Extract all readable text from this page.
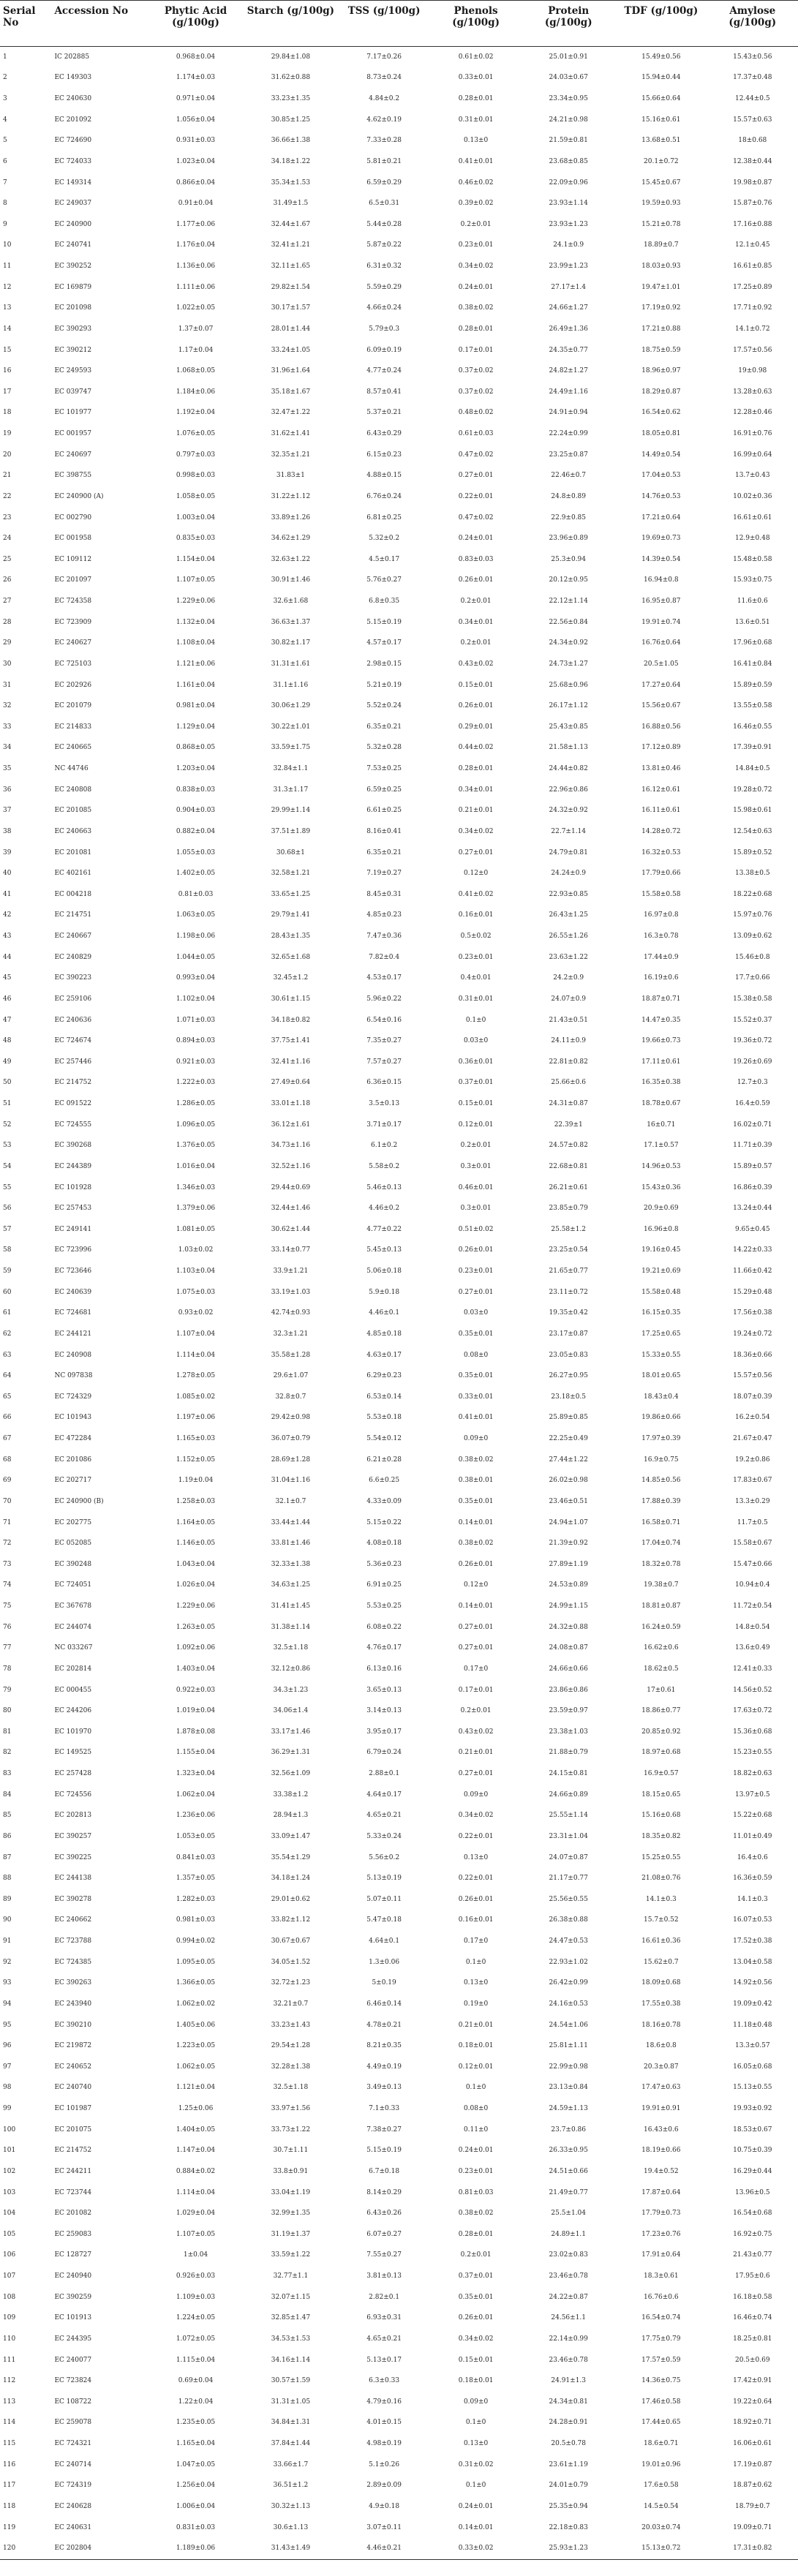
Serial No	Accession No	Phytic Acid (g/100g)	Starch (g/100g)	TSS (g/100g)	Phenols (g/100g)	Protein (g/100g)	TDF (g/100g)	Amylose (g/100g)
1	IC 202885	0.968±0.04	29.84±1.08	7.17±0.26	0.61±0.02	25.01±0.91	15.49±0.56	15.43±0.56
2	EC 149303	1.174±0.03	31.62±0.88	8.73±0.24	0.33±0.01	24.03±0.67	15.94±0.44	17.37±0.48
3	EC 240630	0.971±0.04	33.23±1.35	4.84±0.2	0.28±0.01	23.34±0.95	15.66±0.64	12.44±0.5
4	EC 201092	1.056±0.04	30.85±1.25	4.62±0.19	0.31±0.01	24.21±0.98	15.16±0.61	15.57±0.63
5	EC 724690	0.931±0.03	36.66±1.38	7.33±0.28	0.13±0	21.59±0.81	13.68±0.51	18±0.68
6	EC 724033	1.023±0.04	34.18±1.22	5.81±0.21	0.41±0.01	23.68±0.85	20.1±0.72	12.38±0.44
7	EC 149314	0.866±0.04	35.34±1.53	6.59±0.29	0.46±0.02	22.09±0.96	15.45±0.67	19.98±0.87
8	EC 249037	0.91±0.04	31.49±1.5	6.5±0.31	0.39±0.02	23.93±1.14	19.59±0.93	15.87±0.76
9	EC 240900	1.177±0.06	32.44±1.67	5.44±0.28	0.2±0.01	23.93±1.23	15.21±0.78	17.16±0.88
10	EC 240741	1.176±0.04	32.41±1.21	5.87±0.22	0.23±0.01	24.1±0.9	18.89±0.7	12.1±0.45
11	EC 390252	1.136±0.06	32.11±1.65	6.31±0.32	0.34±0.02	23.99±1.23	18.03±0.93	16.61±0.85
12	EC 169879	1.111±0.06	29.82±1.54	5.59±0.29	0.24±0.01	27.17±1.4	19.47±1.01	17.25±0.89
13	EC 201098	1.022±0.05	30.17±1.57	4.66±0.24	0.38±0.02	24.66±1.27	17.19±0.92	17.71±0.92
14	EC 390293	1.37±0.07	28.01±1.44	5.79±0.3	0.28±0.01	26.49±1.36	17.21±0.88	14.1±0.72
15	EC 390212	1.17±0.04	33.24±1.05	6.09±0.19	0.17±0.01	24.35±0.77	18.75±0.59	17.57±0.56
16	EC 249593	1.068±0.05	31.96±1.64	4.77±0.24	0.37±0.02	24.82±1.27	18.96±0.97	19±0.98
17	EC 039747	1.184±0.06	35.18±1.67	8.57±0.41	0.37±0.02	24.49±1.16	18.29±0.87	13.28±0.63
18	EC 101977	1.192±0.04	32.47±1.22	5.37±0.21	0.48±0.02	24.91±0.94	16.54±0.62	12.28±0.46
19	EC 001957	1.076±0.05	31.62±1.41	6.43±0.29	0.61±0.03	22.24±0.99	18.05±0.81	16.91±0.76
20	EC 240697	0.797±0.03	32.35±1.21	6.15±0.23	0.47±0.02	23.25±0.87	14.49±0.54	16.99±0.64
21	EC 398755	0.998±0.03	31.83±1	4.88±0.15	0.27±0.01	22.46±0.7	17.04±0.53	13.7±0.43
22	EC 240900 (A)	1.058±0.05	31.22±1.12	6.76±0.24	0.22±0.01	24.8±0.89	14.76±0.53	10.02±0.36
23	EC 002790	1.003±0.04	33.89±1.26	6.81±0.25	0.47±0.02	22.9±0.85	17.21±0.64	16.61±0.61
24	EC 001958	0.835±0.03	34.62±1.29	5.32±0.2	0.24±0.01	23.96±0.89	19.69±0.73	12.9±0.48
25	EC 109112	1.154±0.04	32.63±1.22	4.5±0.17	0.83±0.03	25.3±0.94	14.39±0.54	15.48±0.58
26	EC 201097	1.107±0.05	30.91±1.46	5.76±0.27	0.26±0.01	20.12±0.95	16.94±0.8	15.93±0.75
27	EC 724358	1.229±0.06	32.6±1.68	6.8±0.35	0.2±0.01	22.12±1.14	16.95±0.87	11.6±0.6
28	EC 723909	1.132±0.04	36.63±1.37	5.15±0.19	0.34±0.01	22.56±0.84	19.91±0.74	13.6±0.51
29	EC 240627	1.108±0.04	30.82±1.17	4.57±0.17	0.2±0.01	24.34±0.92	16.76±0.64	17.96±0.68
30	EC 725103	1.121±0.06	31.31±1.61	2.98±0.15	0.43±0.02	24.73±1.27	20.5±1.05	16.41±0.84
31	EC 202926	1.161±0.04	31.1±1.16	5.21±0.19	0.15±0.01	25.68±0.96	17.27±0.64	15.89±0.59
32	EC 201079	0.981±0.04	30.06±1.29	5.52±0.24	0.26±0.01	26.17±1.12	15.56±0.67	13.55±0.58
33	EC 214833	1.129±0.04	30.22±1.01	6.35±0.21	0.29±0.01	25.43±0.85	16.88±0.56	16.46±0.55
34	EC 240665	0.868±0.05	33.59±1.75	5.32±0.28	0.44±0.02	21.58±1.13	17.12±0.89	17.39±0.91
35	NC 44746	1.203±0.04	32.84±1.1	7.53±0.25	0.28±0.01	24.44±0.82	13.81±0.46	14.84±0.5
36	EC 240808	0.838±0.03	31.3±1.17	6.59±0.25	0.34±0.01	22.96±0.86	16.12±0.61	19.28±0.72
37	EC 201085	0.904±0.03	29.99±1.14	6.61±0.25	0.21±0.01	24.32±0.92	16.11±0.61	15.98±0.61
38	EC 240663	0.882±0.04	37.51±1.89	8.16±0.41	0.34±0.02	22.7±1.14	14.28±0.72	12.54±0.63
39	EC 201081	1.055±0.03	30.68±1	6.35±0.21	0.27±0.01	24.79±0.81	16.32±0.53	15.89±0.52
40	EC 402161	1.402±0.05	32.58±1.21	7.19±0.27	0.12±0	24.24±0.9	17.79±0.66	13.38±0.5
41	EC 004218	0.81±0.03	33.65±1.25	8.45±0.31	0.41±0.02	22.93±0.85	15.58±0.58	18.22±0.68
42	EC 214751	1.063±0.05	29.79±1.41	4.85±0.23	0.16±0.01	26.43±1.25	16.97±0.8	15.97±0.76
43	EC 240667	1.198±0.06	28.43±1.35	7.47±0.36	0.5±0.02	26.55±1.26	16.3±0.78	13.09±0.62
44	EC 240829	1.044±0.05	32.65±1.68	7.82±0.4	0.23±0.01	23.63±1.22	17.44±0.9	15.46±0.8
45	EC 390223	0.993±0.04	32.45±1.2	4.53±0.17	0.4±0.01	24.2±0.9	16.19±0.6	17.7±0.66
46	EC 259106	1.102±0.04	30.61±1.15	5.96±0.22	0.31±0.01	24.07±0.9	18.87±0.71	15.38±0.58
47	EC 240636	1.071±0.03	34.18±0.82	6.54±0.16	0.1±0	21.43±0.51	14.47±0.35	15.52±0.37
48	EC 724674	0.894±0.03	37.75±1.41	7.35±0.27	0.03±0	24.11±0.9	19.66±0.73	19.36±0.72
49	EC 257446	0.921±0.03	32.41±1.16	7.57±0.27	0.36±0.01	22.81±0.82	17.11±0.61	19.26±0.69
50	EC 214752	1.222±0.03	27.49±0.64	6.36±0.15	0.37±0.01	25.66±0.6	16.35±0.38	12.7±0.3
51	EC 091522	1.286±0.05	33.01±1.18	3.5±0.13	0.15±0.01	24.31±0.87	18.78±0.67	16.4±0.59
52	EC 724555	1.096±0.05	36.12±1.61	3.71±0.17	0.12±0.01	22.39±1	16±0.71	16.02±0.71
53	EC 390268	1.376±0.05	34.73±1.16	6.1±0.2	0.2±0.01	24.57±0.82	17.1±0.57	11.71±0.39
54	EC 244389	1.016±0.04	32.52±1.16	5.58±0.2	0.3±0.01	22.68±0.81	14.96±0.53	15.89±0.57
55	EC 101928	1.346±0.03	29.44±0.69	5.46±0.13	0.46±0.01	26.21±0.61	15.43±0.36	16.86±0.39
56	EC 257453	1.379±0.06	32.44±1.46	4.46±0.2	0.3±0.01	23.85±0.79	20.9±0.69	13.24±0.44
57	EC 249141	1.081±0.05	30.62±1.44	4.77±0.22	0.51±0.02	25.58±1.2	16.96±0.8	9.65±0.45
58	EC 723996	1.03±0.02	33.14±0.77	5.45±0.13	0.26±0.01	23.25±0.54	19.16±0.45	14.22±0.33
59	EC 723646	1.103±0.04	33.9±1.21	5.06±0.18	0.23±0.01	21.65±0.77	19.21±0.69	11.66±0.42
60	EC 240639	1.075±0.03	33.19±1.03	5.9±0.18	0.27±0.01	23.11±0.72	15.58±0.48	15.29±0.48
61	EC 724681	0.93±0.02	42.74±0.93	4.46±0.1	0.03±0	19.35±0.42	16.15±0.35	17.56±0.38
62	EC 244121	1.107±0.04	32.3±1.21	4.85±0.18	0.35±0.01	23.17±0.87	17.25±0.65	19.24±0.72
63	EC 240908	1.114±0.04	35.58±1.28	4.63±0.17	0.08±0	23.05±0.83	15.33±0.55	18.36±0.66
64	NC 097838	1.278±0.05	29.6±1.07	6.29±0.23	0.35±0.01	26.27±0.95	18.01±0.65	15.57±0.56
65	EC 724329	1.085±0.02	32.8±0.7	6.53±0.14	0.33±0.01	23.18±0.5	18.43±0.4	18.07±0.39
66	EC 101943	1.197±0.06	29.42±0.98	5.53±0.18	0.41±0.01	25.89±0.85	19.86±0.66	16.2±0.54
67	EC 472284	1.165±0.03	36.07±0.79	5.54±0.12	0.09±0	22.25±0.49	17.97±0.39	21.67±0.47
68	EC 201086	1.152±0.05	28.69±1.28	6.21±0.28	0.38±0.02	27.44±1.22	16.9±0.75	19.2±0.86
69	EC 202717	1.19±0.04	31.04±1.16	6.6±0.25	0.38±0.01	26.02±0.98	14.85±0.56	17.83±0.67
70	EC 240900 (B)	1.258±0.03	32.1±0.7	4.33±0.09	0.35±0.01	23.46±0.51	17.88±0.39	13.3±0.29
71	EC 202775	1.164±0.05	33.44±1.44	5.15±0.22	0.14±0.01	24.94±1.07	16.58±0.71	11.7±0.5
72	EC 052085	1.146±0.05	33.81±1.46	4.08±0.18	0.38±0.02	21.39±0.92	17.04±0.74	15.58±0.67
73	EC 390248	1.043±0.04	32.33±1.38	5.36±0.23	0.26±0.01	27.89±1.19	18.32±0.78	15.47±0.66
74	EC 724051	1.026±0.04	34.63±1.25	6.91±0.25	0.12±0	24.53±0.89	19.38±0.7	10.94±0.4
75	EC 367678	1.229±0.06	31.41±1.45	5.53±0.25	0.14±0.01	24.99±1.15	18.81±0.87	11.72±0.54
76	EC 244074	1.263±0.05	31.38±1.14	6.08±0.22	0.27±0.01	24.32±0.88	16.24±0.59	14.8±0.54
77	NC 033267	1.092±0.06	32.5±1.18	4.76±0.17	0.27±0.01	24.08±0.87	16.62±0.6	13.6±0.49
78	EC 202814	1.403±0.04	32.12±0.86	6.13±0.16	0.17±0	24.66±0.66	18.62±0.5	12.41±0.33
79	EC 000455	0.922±0.03	34.3±1.23	3.65±0.13	0.17±0.01	23.86±0.86	17±0.61	14.56±0.52
80	EC 244206	1.019±0.04	34.06±1.4	3.14±0.13	0.2±0.01	23.59±0.97	18.86±0.77	17.63±0.72
81	EC 101970	1.878±0.08	33.17±1.46	3.95±0.17	0.43±0.02	23.38±1.03	20.85±0.92	15.36±0.68
82	EC 149525	1.155±0.04	36.29±1.31	6.79±0.24	0.21±0.01	21.88±0.79	18.97±0.68	15.23±0.55
83	EC 257428	1.323±0.04	32.56±1.09	2.88±0.1	0.27±0.01	24.15±0.81	16.9±0.57	18.82±0.63
84	EC 724556	1.062±0.04	33.38±1.2	4.64±0.17	0.09±0	24.66±0.89	18.15±0.65	13.97±0.5
85	EC 202813	1.236±0.06	28.94±1.3	4.65±0.21	0.34±0.02	25.55±1.14	15.16±0.68	15.22±0.68
86	EC 390257	1.053±0.05	33.09±1.47	5.33±0.24	0.22±0.01	23.31±1.04	18.35±0.82	11.01±0.49
87	EC 390225	0.841±0.03	35.54±1.29	5.56±0.2	0.13±0	24.07±0.87	15.25±0.55	16.4±0.6
88	EC 244138	1.357±0.05	34.18±1.24	5.13±0.19	0.22±0.01	21.17±0.77	21.08±0.76	16.36±0.59
89	EC 390278	1.282±0.03	29.01±0.62	5.07±0.11	0.26±0.01	25.56±0.55	14.1±0.3	14.1±0.3
90	EC 240662	0.981±0.03	33.82±1.12	5.47±0.18	0.16±0.01	26.38±0.88	15.7±0.52	16.07±0.53
91	EC 723788	0.994±0.02	30.67±0.67	4.64±0.1	0.17±0	24.47±0.53	16.61±0.36	17.52±0.38
92	EC 724385	1.095±0.05	34.05±1.52	1.3±0.06	0.1±0	22.93±1.02	15.62±0.7	13.04±0.58
93	EC 390263	1.366±0.05	32.72±1.23	5±0.19	0.13±0	26.42±0.99	18.09±0.68	14.92±0.56
94	EC 243940	1.062±0.02	32.21±0.7	6.46±0.14	0.19±0	24.16±0.53	17.55±0.38	19.09±0.42
95	EC 390210	1.405±0.06	33.23±1.43	4.78±0.21	0.21±0.01	24.54±1.06	18.16±0.78	11.18±0.48
96	EC 219872	1.223±0.05	29.54±1.28	8.21±0.35	0.18±0.01	25.81±1.11	18.6±0.8	13.3±0.57
97	EC 240652	1.062±0.05	32.28±1.38	4.49±0.19	0.12±0.01	22.99±0.98	20.3±0.87	16.05±0.68
98	EC 240740	1.121±0.04	32.5±1.18	3.49±0.13	0.1±0	23.13±0.84	17.47±0.63	15.13±0.55
99	EC 101987	1.25±0.06	33.97±1.56	7.1±0.33	0.08±0	24.59±1.13	19.91±0.91	19.93±0.92
100	EC 201075	1.404±0.05	33.73±1.22	7.38±0.27	0.11±0	23.7±0.86	16.43±0.6	18.53±0.67
101	EC 214752	1.147±0.04	30.7±1.11	5.15±0.19	0.24±0.01	26.33±0.95	18.19±0.66	10.75±0.39
102	EC 244211	0.884±0.02	33.8±0.91	6.7±0.18	0.23±0.01	24.51±0.66	19.4±0.52	16.29±0.44
103	EC 723744	1.114±0.04	33.04±1.19	8.14±0.29	0.81±0.03	21.49±0.77	17.87±0.64	13.96±0.5
104	EC 201082	1.029±0.04	32.99±1.35	6.43±0.26	0.38±0.02	25.5±1.04	17.79±0.73	16.54±0.68
105	EC 259083	1.107±0.05	31.19±1.37	6.07±0.27	0.28±0.01	24.89±1.1	17.23±0.76	16.92±0.75
106	EC 128727	1±0.04	33.59±1.22	7.55±0.27	0.2±0.01	23.02±0.83	17.91±0.64	21.43±0.77
107	EC 240940	0.926±0.03	32.77±1.1	3.81±0.13	0.37±0.01	23.46±0.78	18.3±0.61	17.95±0.6
108	EC 390259	1.109±0.03	32.07±1.15	2.82±0.1	0.35±0.01	24.22±0.87	16.76±0.6	16.18±0.58
109	EC 101913	1.224±0.05	32.85±1.47	6.93±0.31	0.26±0.01	24.56±1.1	16.54±0.74	16.46±0.74
110	EC 244395	1.072±0.05	34.53±1.53	4.65±0.21	0.34±0.02	22.14±0.99	17.75±0.79	18.25±0.81
111	EC 240077	1.115±0.04	34.16±1.14	5.13±0.17	0.15±0.01	23.46±0.78	17.57±0.59	20.5±0.69
112	EC 723824	0.69±0.04	30.57±1.59	6.3±0.33	0.18±0.01	24.91±1.3	14.36±0.75	17.42±0.91
113	EC 108722	1.22±0.04	31.31±1.05	4.79±0.16	0.09±0	24.34±0.81	17.46±0.58	19.22±0.64
114	EC 259078	1.235±0.05	34.84±1.31	4.01±0.15	0.1±0	24.28±0.91	17.44±0.65	18.92±0.71
115	EC 724321	1.165±0.04	37.84±1.44	4.98±0.19	0.13±0	20.5±0.78	18.6±0.71	16.06±0.61
116	EC 240714	1.047±0.05	33.66±1.7	5.1±0.26	0.31±0.02	23.61±1.19	19.01±0.96	17.19±0.87
117	EC 724319	1.256±0.04	36.51±1.2	2.89±0.09	0.1±0	24.01±0.79	17.6±0.58	18.87±0.62
118	EC 240628	1.006±0.04	30.32±1.13	4.9±0.18	0.24±0.01	25.35±0.94	14.5±0.54	18.79±0.7
119	EC 240631	0.831±0.03	30.6±1.13	3.07±0.11	0.14±0.01	22.18±0.83	20.03±0.74	19.09±0.71
120	EC 202804	1.189±0.06	31.43±1.49	4.46±0.21	0.33±0.02	25.93±1.23	15.13±0.72	17.31±0.82
